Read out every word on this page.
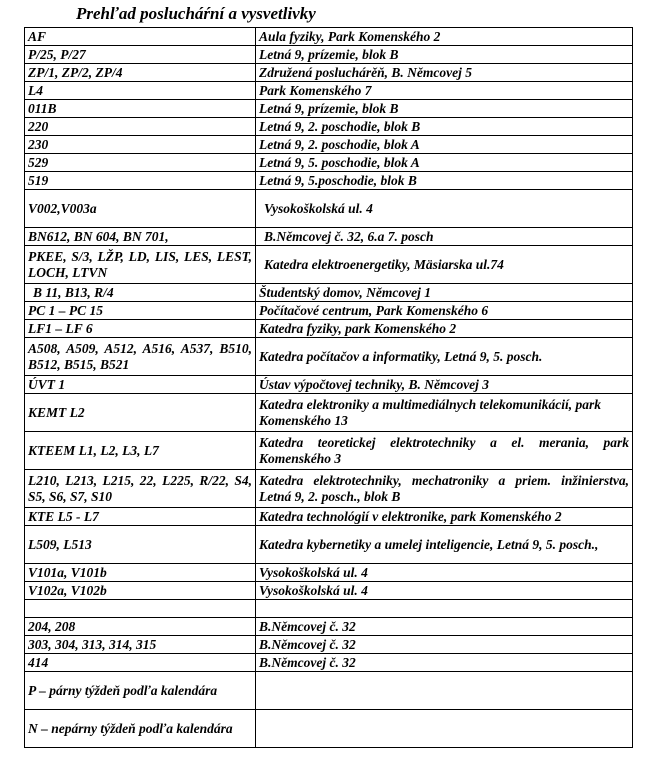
Prehľad poslucháŕní a vysvetlivky
AF	Aula fyziky, Park Komenského 2
P/25, P/27	Letná 9, prízemie, blok B
ZP/1, ZP/2, ZP/4	Združená posluchárěň, B. Němcovej 5
L4	Park Komenského 7
011B	Letná 9, prízemie, blok B
220	Letná 9, 2. poschodie, blok B
230	Letná 9, 2. poschodie, blok A
529	Letná 9, 5. poschodie, blok A
519	Letná 9, 5.poschodie, blok B
V002,V003a	Vysokoškolská ul. 4
BN612, BN 604, BN 701,	B.Němcovej č. 32, 6.a 7. posch
PKEE, S/3, LŽP, LD, LIS, LES, LEST, LOCH, LTVN	Katedra elektroenergetiky, Mäsiarska ul.74
B 11, B13, R/4	Študentský domov, Němcovej 1
PC 1 – PC 15	Počítačové centrum, Park Komenského 6
LF1 – LF 6	Katedra fyziky, park Komenského 2
A508, A509, A512, A516, A537, B510, B512, B515, B521	Katedra počítačov a informatiky, Letná 9, 5. posch.
ÚVT 1	Ústav výpočtovej techniky, B. Němcovej 3
KEMT L2	Katedra elektroniky a multimediálnych telekomunikácií, park Komenského 13
KTEEM L1, L2, L3, L7	Katedra teoretickej elektrotechniky a el. merania, park Komenského 3
L210, L213, L215, 22, L225, R/22, S4, S5, S6, S7, S10	Katedra elektrotechniky, mechatroniky a priem. inžinierstva, Letná 9, 2. posch., blok B
KTE L5 - L7	Katedra technológií v elektronike, park Komenského 2
L509, L513	Katedra kybernetiky a umelej inteligencie, Letná 9, 5. posch.,
V101a, V101b	Vysokoškolská ul. 4
V102a, V102b	Vysokoškolská ul. 4

204, 208	B.Němcovej č. 32
303, 304, 313, 314, 315	B.Němcovej č. 32
414	B.Němcovej č. 32
P – párny týždeň podľa kalendára	
N – nepárny týždeň podľa kalendára	
